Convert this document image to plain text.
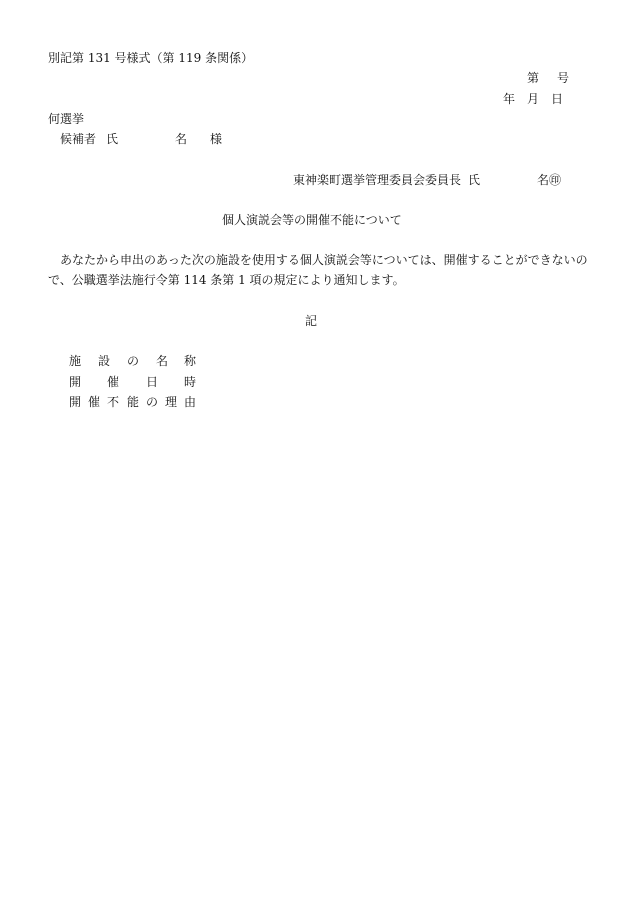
別記第 131 号様式（第 119 条関係）
第 号
年 月 日
何選挙
候補者 氏	名 様
東神楽町選挙管理委員会委員長 氏	名㊞
個人演説会等の開催不能について
あなたから申出のあった次の施設を使用する個人演説会等については、開催することができないの
で、公職選挙法施行令第 114 条第 1 項の規定により通知します。
記
施 設 の 名 称
開 催 日 時
開 催 不 能 の 理 由
